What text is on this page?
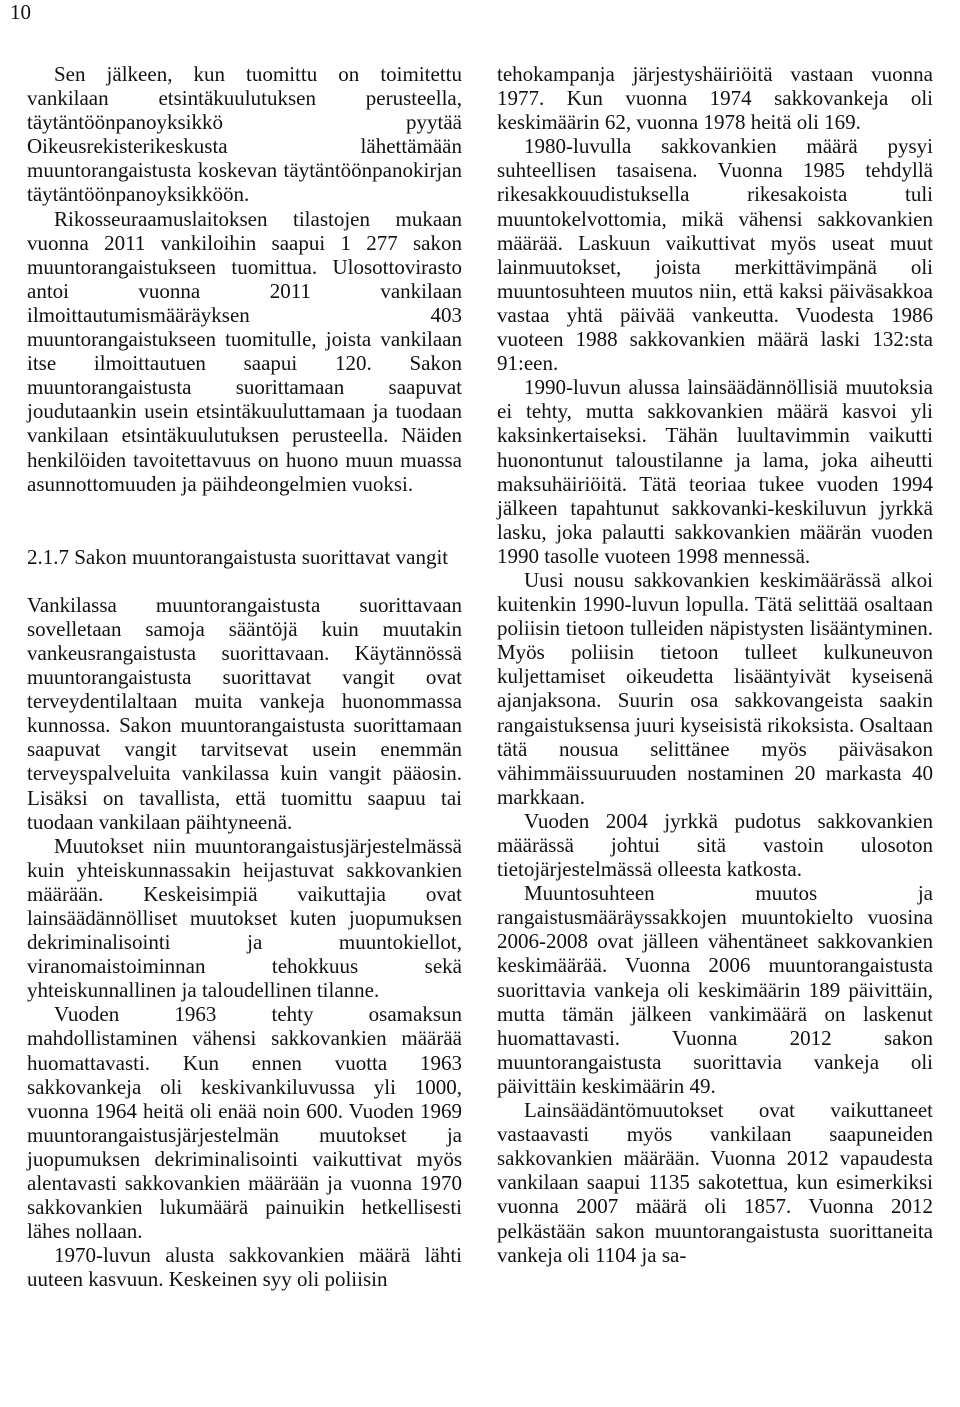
10

Sen jälkeen, kun tuomittu on toimitettu vankilaan etsintäkuulutuksen perusteella, täytäntöönpanoyksikkö pyytää Oikeusrekisterikeskusta lähettämään muuntorangaistusta koskevan täytäntöönpanokirjan täytäntöönpanoyksikköön.

Rikosseuraamuslaitoksen tilastojen mukaan vuonna 2011 vankiloihin saapui 1 277 sakon muuntorangaistukseen tuomittua. Ulosottovirasto antoi vuonna 2011 vankilaan ilmoittautumismääräyksen 403 muuntorangaistukseen tuomitulle, joista vankilaan itse ilmoittautuen saapui 120. Sakon muuntorangaistusta suorittamaan saapuvat joudutaankin usein etsintäkuuluttamaan ja tuodaan vankilaan etsintäkuulutuksen perusteella. Näiden henkilöiden tavoitettavuus on huono muun muassa asunnottomuuden ja päihdeongelmien vuoksi.

2.1.7 Sakon muuntorangaistusta suorittavat vangit

Vankilassa muuntorangaistusta suorittavaan sovelletaan samoja sääntöjä kuin muutakin vankeusrangaistusta suorittavaan. Käytännössä muuntorangaistusta suorittavat vangit ovat terveydentilaltaan muita vankeja huonommassa kunnossa. Sakon muuntorangaistusta suorittamaan saapuvat vangit tarvitsevat usein enemmän terveyspalveluita vankilassa kuin vangit pääosin. Lisäksi on tavallista, että tuomittu saapuu tai tuodaan vankilaan päihtyneenä.

Muutokset niin muuntorangaistusjärjestelmässä kuin yhteiskunnassakin heijastuvat sakkovankien määrään. Keskeisimpiä vaikuttajia ovat lainsäädännölliset muutokset kuten juopumuksen dekriminalisointi ja muuntokiellot, viranomaistoiminnan tehokkuus sekä yhteiskunnallinen ja taloudellinen tilanne.

Vuoden 1963 tehty osamaksun mahdollistaminen vähensi sakkovankien määrää huomattavasti. Kun ennen vuotta 1963 sakkovankeja oli keskivankiluvussa yli 1000, vuonna 1964 heitä oli enää noin 600. Vuoden 1969 muuntorangaistusjärjestelmän muutokset ja juopumuksen dekriminalisointi vaikuttivat myös alentavasti sakkovankien määrään ja vuonna 1970 sakkovankien lukumäärä painuikin hetkellisesti lähes nollaan.

1970-luvun alusta sakkovankien määrä lähti uuteen kasvuun. Keskeinen syy oli poliisin

tehokampanja järjestyshäiriöitä vastaan vuonna 1977. Kun vuonna 1974 sakkovankeja oli keskimäärin 62, vuonna 1978 heitä oli 169.

1980-luvulla sakkovankien määrä pysyi suhteellisen tasaisena. Vuonna 1985 tehdyllä rikesakkouudistuksella rikesakoista tuli muuntokelvottomia, mikä vähensi sakkovankien määrää. Laskuun vaikuttivat myös useat muut lainmuutokset, joista merkittävimpänä oli muuntosuhteen muutos niin, että kaksi päiväsakkoa vastaa yhtä päivää vankeutta. Vuodesta 1986 vuoteen 1988 sakkovankien määrä laski 132:sta 91:een.

1990-luvun alussa lainsäädännöllisiä muutoksia ei tehty, mutta sakkovankien määrä kasvoi yli kaksinkertaiseksi. Tähän luultavimmin vaikutti huonontunut taloustilanne ja lama, joka aiheutti maksuhäiriöitä. Tätä teoriaa tukee vuoden 1994 jälkeen tapahtunut sakkovanki-keskiluvun jyrkkä lasku, joka palautti sakkovankien määrän vuoden 1990 tasolle vuoteen 1998 mennessä.

Uusi nousu sakkovankien keskimäärässä alkoi kuitenkin 1990-luvun lopulla. Tätä selittää osaltaan poliisin tietoon tulleiden näpistysten lisääntyminen. Myös poliisin tietoon tulleet kulkuneuvon kuljettamiset oikeudetta lisääntyivät kyseisenä ajanjaksona. Suurin osa sakkovangeista saakin rangaistuksensa juuri kyseisistä rikoksista. Osaltaan tätä nousua selittänee myös päiväsakon vähimmäissuuruuden nostaminen 20 markasta 40 markkaan.

Vuoden 2004 jyrkkä pudotus sakkovankien määrässä johtui sitä vastoin ulosoton tietojärjestelmässä olleesta katkosta.

Muuntosuhteen muutos ja rangaistusmääräyssakkojen muuntokielto vuosina 2006-2008 ovat jälleen vähentäneet sakkovankien keskimäärää. Vuonna 2006 muuntorangaistusta suorittavia vankeja oli keskimäärin 189 päivittäin, mutta tämän jälkeen vankimäärä on laskenut huomattavasti. Vuonna 2012 sakon muuntorangaistusta suorittavia vankeja oli päivittäin keskimäärin 49.

Lainsäädäntömuutokset ovat vaikuttaneet vastaavasti myös vankilaan saapuneiden sakkovankien määrään. Vuonna 2012 vapaudesta vankilaan saapui 1135 sakotettua, kun esimerkiksi vuonna 2007 määrä oli 1857. Vuonna 2012 pelkästään sakon muuntorangaistusta suorittaneita vankeja oli 1104 ja sa-
